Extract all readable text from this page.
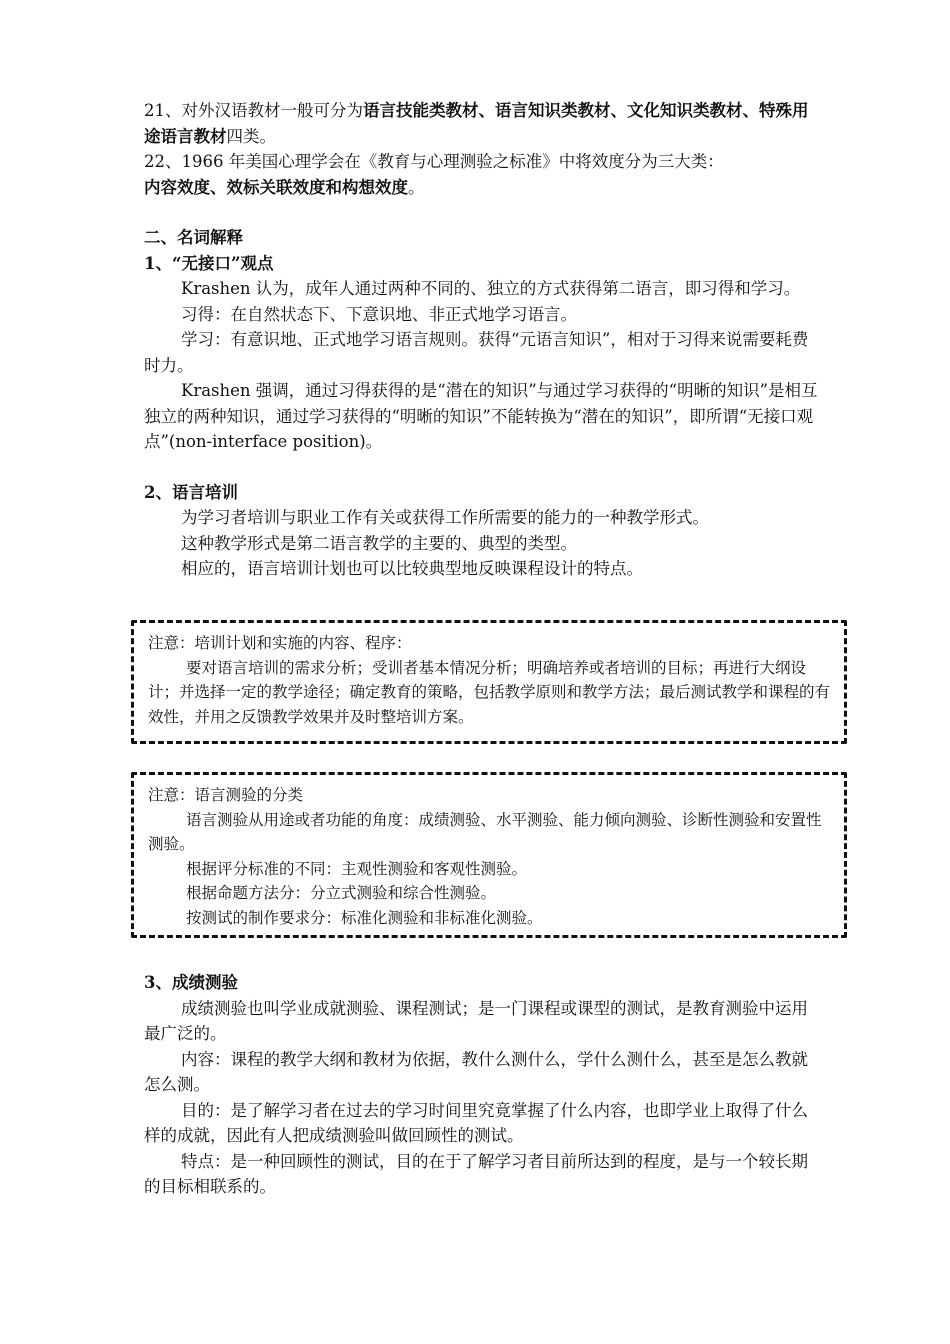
21、对外汉语教材一般可分为语言技能类教材、语言知识类教材、文化知识类教材、特殊用途语言教材四类。

22、1966 年美国心理学会在《教育与心理测验之标准》中将效度分为三大类：
内容效度、效标关联效度和构想效度。

二、名词解释

1、“无接口”观点

Krashen 认为，成年人通过两种不同的、独立的方式获得第二语言，即习得和学习。

习得：在自然状态下、下意识地、非正式地学习语言。

学习：有意识地、正式地学习语言规则。获得“元语言知识”，相对于习得来说需要耗费时力。

Krashen 强调，通过习得获得的是“潜在的知识”与通过学习获得的“明晰的知识”是相互独立的两种知识，通过学习获得的“明晰的知识”不能转换为“潜在的知识”，即所谓“无接口观点”(non-interface position)。

2、语言培训

为学习者培训与职业工作有关或获得工作所需要的能力的一种教学形式。

这种教学形式是第二语言教学的主要的、典型的类型。

相应的，语言培训计划也可以比较典型地反映课程设计的特点。

注意：培训计划和实施的内容、程序：

要对语言培训的需求分析；受训者基本情况分析；明确培养或者培训的目标；再进行大纲设计；并选择一定的教学途径；确定教育的策略，包括教学原则和教学方法；最后测试教学和课程的有效性，并用之反馈教学效果并及时整培训方案。

注意：语言测验的分类

语言测验从用途或者功能的角度：成绩测验、水平测验、能力倾向测验、诊断性测验和安置性测验。

根据评分标准的不同：主观性测验和客观性测验。

根据命题方法分：分立式测验和综合性测验。

按测试的制作要求分：标准化测验和非标准化测验。

3、成绩测验

成绩测验也叫学业成就测验、课程测试；是一门课程或课型的测试，是教育测验中运用最广泛的。

内容：课程的教学大纲和教材为依据，教什么测什么，学什么测什么，甚至是怎么教就怎么测。

目的：是了解学习者在过去的学习时间里究竟掌握了什么内容，也即学业上取得了什么样的成就，因此有人把成绩测验叫做回顾性的测试。

特点：是一种回顾性的测试，目的在于了解学习者目前所达到的程度，是与一个较长期的目标相联系的。
